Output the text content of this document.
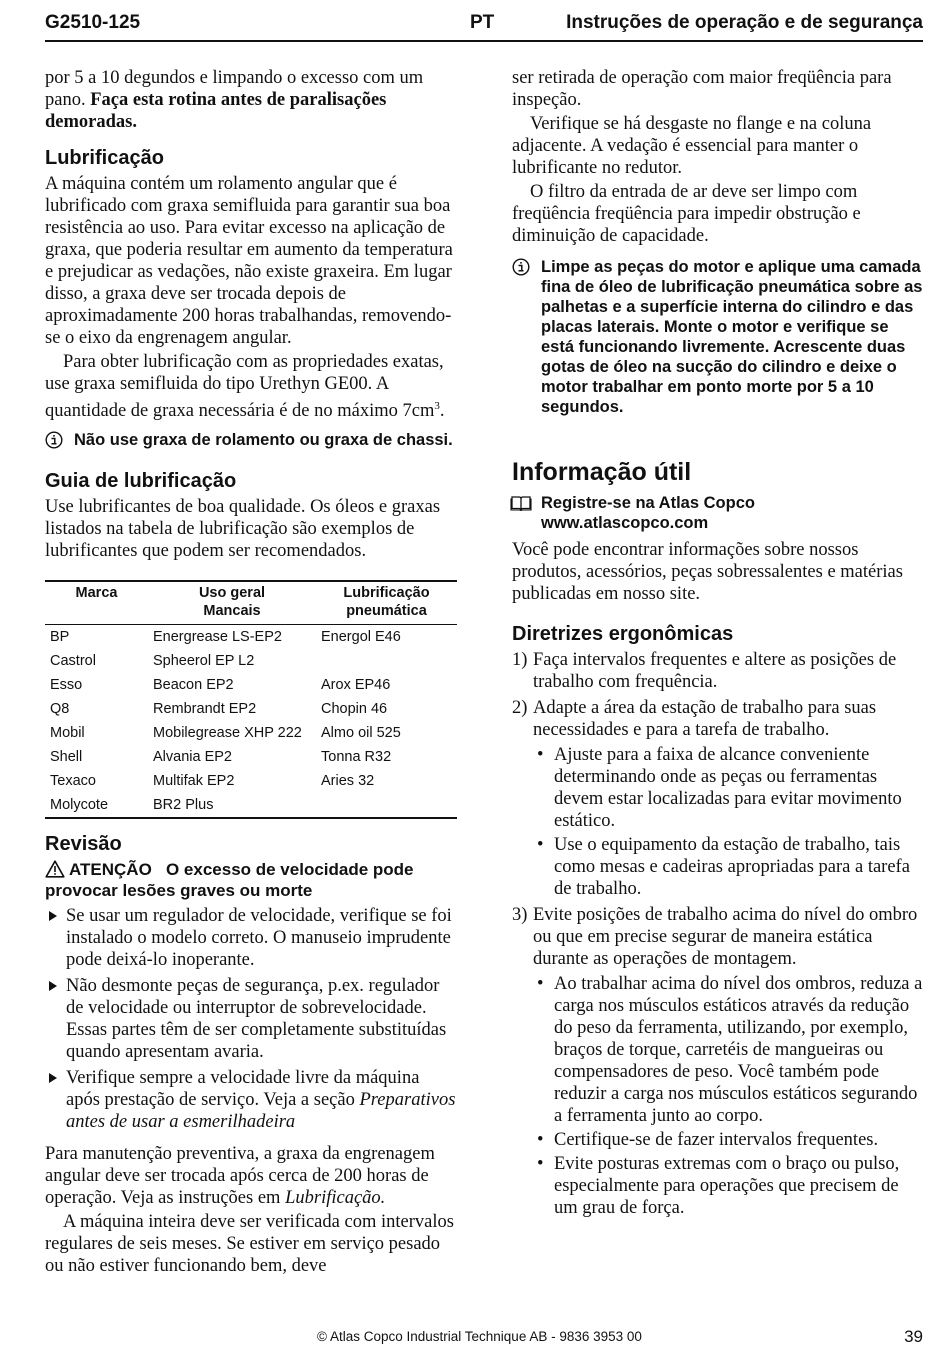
G2510-125	PT	Instruções de operação e de segurança

por 5 a 10 degundos e limpando o excesso com um pano. Faça esta rotina antes de paralisações demoradas.

Lubrificação

A máquina contém um rolamento angular que é lubrificado com graxa semifluida para garantir sua boa resistência ao uso. Para evitar excesso na aplicação de graxa, que poderia resultar em aumento da temperatura e prejudicar as vedações, não existe graxeira. Em lugar disso, a graxa deve ser trocada depois de aproximadamente 200 horas trabalhandas, removendo-se o eixo da engrenagem angular.

Para obter lubrificação com as propriedades exatas, use graxa semifluida do tipo Urethyn GE00. A quantidade de graxa necessária é de no máximo $7cm^3$.

Não use graxa de rolamento ou graxa de chassi.
Guia de lubrificação

Use lubrificantes de boa qualidade. Os óleos e graxas listados na tabela de lubrificação são exemplos de lubrificantes que podem ser recomendados.

Marca	Uso geral Mancais	Lubrificação pneumática
BP	Energrease LS-EP2	Energol E46
Castrol	Spheerol EP L2	
Esso	Beacon EP2	Arox EP46
Q8	Rembrandt EP2	Chopin 46
Mobil	Mobilegrease XHP 222	Almo oil 525
Shell	Alvania EP2	Tonna R32
Texaco	Multifak EP2	Aries 32
Molycote	BR2 Plus	
Revisão
ATENÇÃO O excesso de velocidade pode provocar lesões graves ou morte
Se usar um regulador de velocidade, verifique se foi instalado o modelo correto. O manuseio imprudente pode deixá-lo inoperante.
Não desmonte peças de segurança, p.ex. regulador de velocidade ou interruptor de sobrevelocidade. Essas partes têm de ser completamente substituídas quando apresentam avaria.
Verifique sempre a velocidade livre da máquina após prestação de serviço. Veja a seção Preparativos antes de usar a esmerilhadeira

Para manutenção preventiva, a graxa da engrenagem angular deve ser trocada após cerca de 200 horas de operação. Veja as instruções em Lubrificação.

A máquina inteira deve ser verificada com intervalos regulares de seis meses. Se estiver em serviço pesado ou não estiver funcionando bem, deve

ser retirada de operação com maior freqüência para inspeção.

Verifique se há desgaste no flange e na coluna adjacente. A vedação é essencial para manter o lubrificante no redutor.

O filtro da entrada de ar deve ser limpo com freqüência freqüência para impedir obstrução e diminuição de capacidade.

Limpe as peças do motor e aplique uma camada fina de óleo de lubrificação pneumática sobre as palhetas e a superfície interna do cilindro e das placas laterais. Monte o motor e verifique se está funcionando livremente. Acrescente duas gotas de óleo na sucção do cilindro e deixe o motor trabalhar em ponto morte por 5 a 10 segundos.
Informação útil
Registre-se na Atlas Copco
www.atlascopco.com

Você pode encontrar informações sobre nossos produtos, acessórios, peças sobressalentes e matérias publicadas em nosso site.

Diretrizes ergonômicas
1) Faça intervalos frequentes e altere as posições de trabalho com frequência.
2) Adapte a área da estação de trabalho para suas necessidades e para a tarefa de trabalho.
• Ajuste para a faixa de alcance conveniente determinando onde as peças ou ferramentas devem estar localizadas para evitar movimento estático.
• Use o equipamento da estação de trabalho, tais como mesas e cadeiras apropriadas para a tarefa de trabalho.
3) Evite posições de trabalho acima do nível do ombro ou que em precise segurar de maneira estática durante as operações de montagem.
• Ao trabalhar acima do nível dos ombros, reduza a carga nos músculos estáticos através da redução do peso da ferramenta, utilizando, por exemplo, braços de torque, carretéis de mangueiras ou compensadores de peso. Você também pode reduzir a carga nos músculos estáticos segurando a ferramenta junto ao corpo.
• Certifique-se de fazer intervalos frequentes.
• Evite posturas extremas com o braço ou pulso, especialmente para operações que precisem de um grau de força.
© Atlas Copco Industrial Technique AB - 9836 3953 00	39
